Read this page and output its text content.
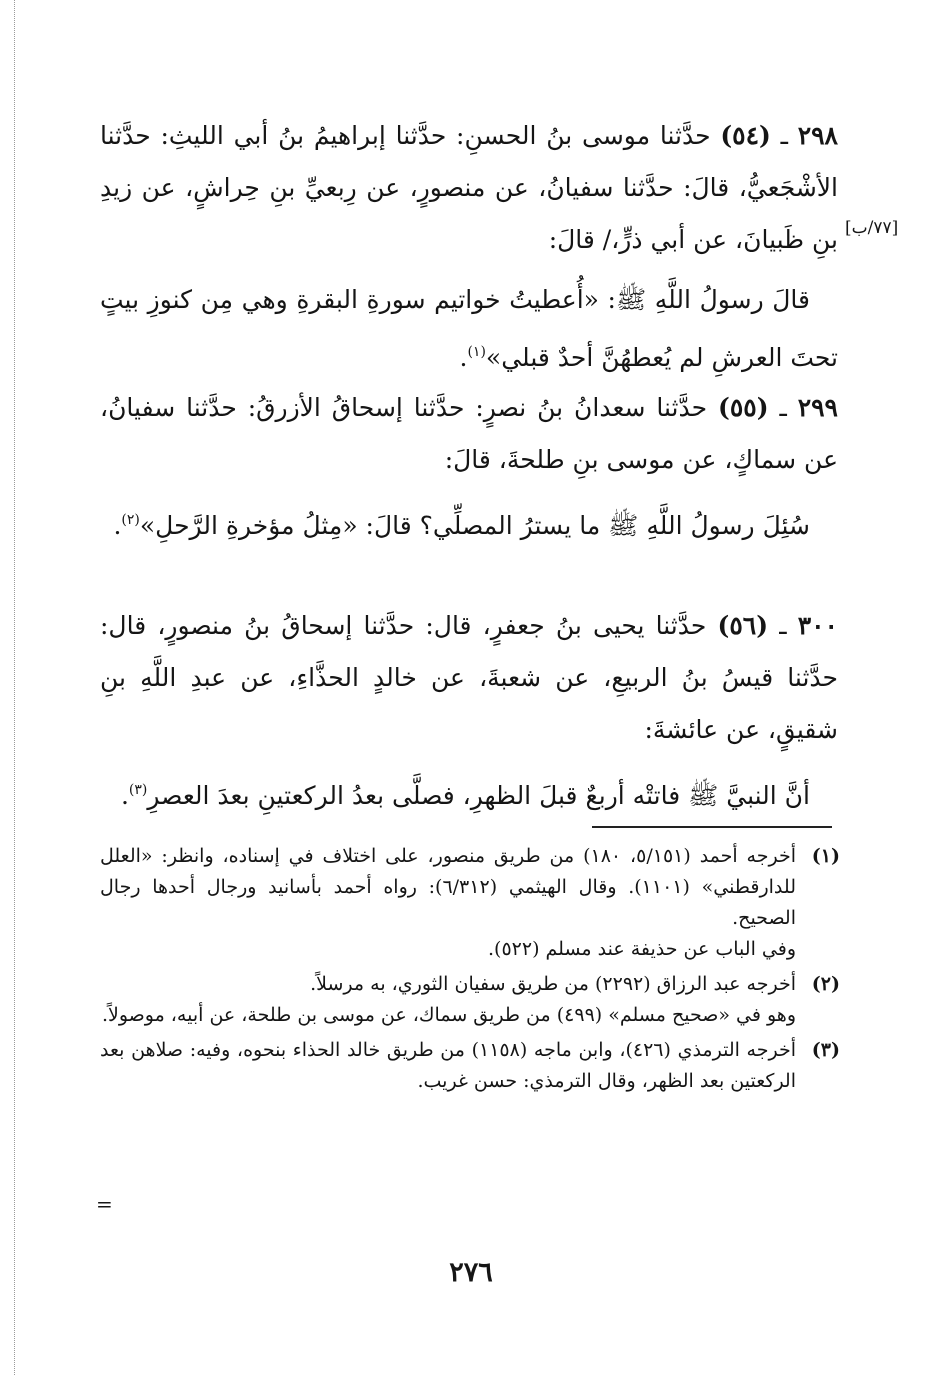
٢٩٨ ـ (٥٤) حدَّثنا موسى بنُ الحسنِ: حدَّثنا إبراهيمُ بنُ أبي الليثِ: حدَّثنا الأشْجَعيُّ، قالَ: حدَّثنا سفيانُ، عن منصورٍ، عن رِبعيِّ بنِ حِراشٍ، عن زيدِ بنِ ظَبيانَ، عن أبي ذرٍّ،/ قالَ:

قالَ رسولُ اللَّهِ ﷺ: «أُعطيتُ خواتيم سورةِ البقرةِ وهي مِن كنوزِ بيتٍ تحتَ العرشِ لم يُعطهُنَّ أحدٌ قبلي»$^{(١)}$.

[٧٧/ب]

٢٩٩ ـ (٥٥) حدَّثنا سعدانُ بنُ نصرٍ: حدَّثنا إسحاقُ الأزرقُ: حدَّثنا سفيانُ، عن سماكٍ، عن موسى بنِ طلحةَ، قالَ:

سُئِلَ رسولُ اللَّهِ ﷺ ما يسترُ المصلِّي؟ قالَ: «مِثلُ مؤخرةِ الرَّحلِ»$^{(٢)}$.

٣٠٠ ـ (٥٦) حدَّثنا يحيى بنُ جعفرٍ، قال: حدَّثنا إسحاقُ بنُ منصورٍ، قال: حدَّثنا قيسُ بنُ الربيعِ، عن شعبةَ، عن خالدٍ الحذَّاءِ، عن عبدِ اللَّهِ بنِ شقيقٍ، عن عائشةَ:

أنَّ النبيَّ ﷺ فاتتْه أربعٌ قبلَ الظهرِ، فصلَّى بعدُ الركعتينِ بعدَ العصرِ$^{(٣)}$.

(١)

أخرجه أحمد (٥/١٥١، ١٨٠) من طريق منصور، على اختلاف في إسناده، وانظر: «العلل للدارقطني» (١١٠١). وقال الهيثمي (٦/٣١٢): رواه أحمد بأسانيد ورجال أحدها رجال الصحيح.

وفي الباب عن حذيفة عند مسلم (٥٢٢).

(٢)

أخرجه عبد الرزاق (٢٢٩٢) من طريق سفيان الثوري، به مرسلاً.

وهو في «صحيح مسلم» (٤٩٩) من طريق سماك، عن موسى بن طلحة، عن أبيه، موصولاً.

(٣)

أخرجه الترمذي (٤٢٦)، وابن ماجه (١١٥٨) من طريق خالد الحذاء بنحوه، وفيه: صلاهن بعد الركعتين بعد الظهر، وقال الترمذي: حسن غريب.

=
٢٧٦
